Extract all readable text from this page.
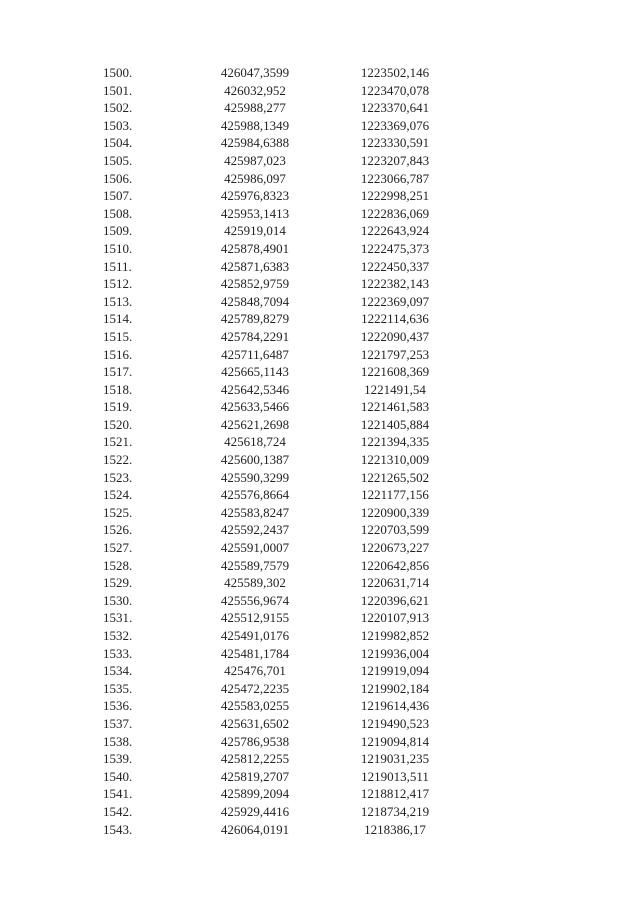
1500.	426047,3599	1223502,146
1501.	426032,952	1223470,078
1502.	425988,277	1223370,641
1503.	425988,1349	1223369,076
1504.	425984,6388	1223330,591
1505.	425987,023	1223207,843
1506.	425986,097	1223066,787
1507.	425976,8323	1222998,251
1508.	425953,1413	1222836,069
1509.	425919,014	1222643,924
1510.	425878,4901	1222475,373
1511.	425871,6383	1222450,337
1512.	425852,9759	1222382,143
1513.	425848,7094	1222369,097
1514.	425789,8279	1222114,636
1515.	425784,2291	1222090,437
1516.	425711,6487	1221797,253
1517.	425665,1143	1221608,369
1518.	425642,5346	1221491,54
1519.	425633,5466	1221461,583
1520.	425621,2698	1221405,884
1521.	425618,724	1221394,335
1522.	425600,1387	1221310,009
1523.	425590,3299	1221265,502
1524.	425576,8664	1221177,156
1525.	425583,8247	1220900,339
1526.	425592,2437	1220703,599
1527.	425591,0007	1220673,227
1528.	425589,7579	1220642,856
1529.	425589,302	1220631,714
1530.	425556,9674	1220396,621
1531.	425512,9155	1220107,913
1532.	425491,0176	1219982,852
1533.	425481,1784	1219936,004
1534.	425476,701	1219919,094
1535.	425472,2235	1219902,184
1536.	425583,0255	1219614,436
1537.	425631,6502	1219490,523
1538.	425786,9538	1219094,814
1539.	425812,2255	1219031,235
1540.	425819,2707	1219013,511
1541.	425899,2094	1218812,417
1542.	425929,4416	1218734,219
1543.	426064,0191	1218386,17
